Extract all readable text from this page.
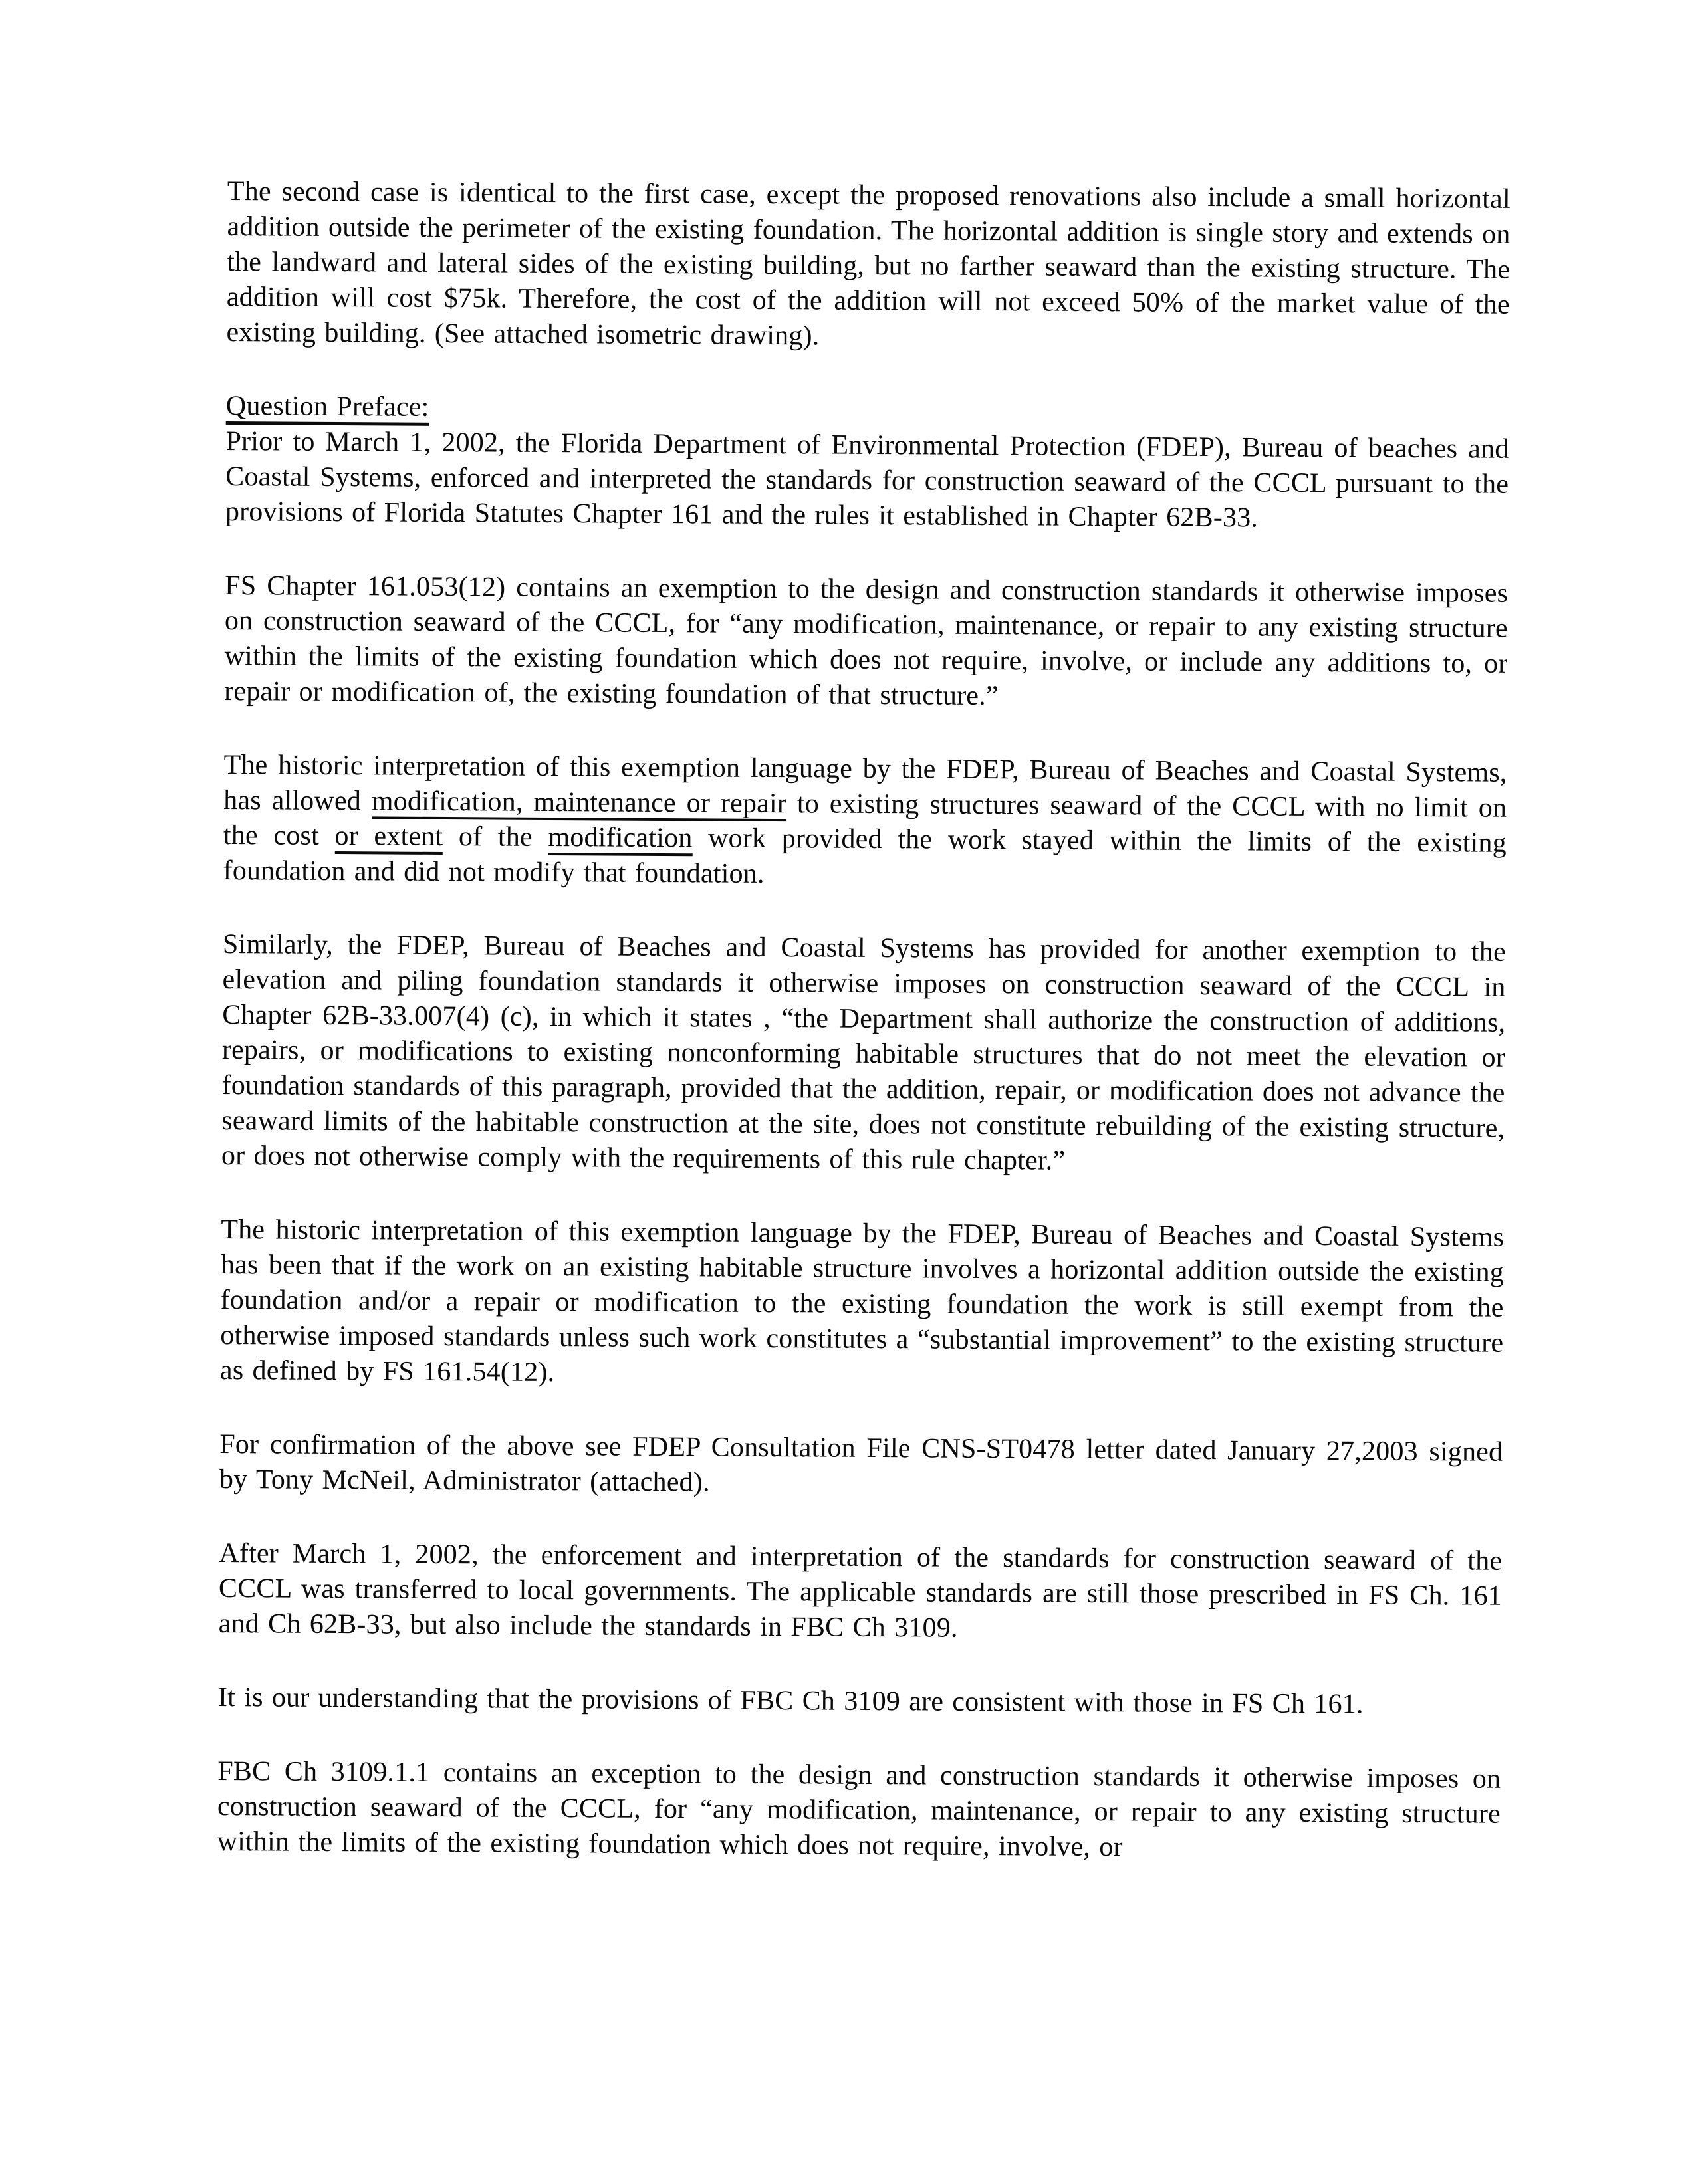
The second case is identical to the first case, except the proposed renovations also include a small horizontal addition outside the perimeter of the existing foundation. The horizontal addition is single story and extends on the landward and lateral sides of the existing building, but no farther seaward than the existing structure. The addition will cost $75k. Therefore, the cost of the addition will not exceed 50% of the market value of the existing building. (See attached isometric drawing).

Question Preface:

Prior to March 1, 2002, the Florida Department of Environmental Protection (FDEP), Bureau of beaches and Coastal Systems, enforced and interpreted the standards for construction seaward of the CCCL pursuant to the provisions of Florida Statutes Chapter 161 and the rules it established in Chapter 62B-33.

FS Chapter 161.053(12) contains an exemption to the design and construction standards it otherwise imposes on construction seaward of the CCCL, for “any modification, maintenance, or repair to any existing structure within the limits of the existing foundation which does not require, involve, or include any additions to, or repair or modification of, the existing foundation of that structure.”

The historic interpretation of this exemption language by the FDEP, Bureau of Beaches and Coastal Systems, has allowed modification, maintenance or repair to existing structures seaward of the CCCL with no limit on the cost or extent of the modification work provided the work stayed within the limits of the existing foundation and did not modify that foundation.

Similarly, the FDEP, Bureau of Beaches and Coastal Systems has provided for another exemption to the elevation and piling foundation standards it otherwise imposes on construction seaward of the CCCL in Chapter 62B-33.007(4) (c), in which it states , “the Department shall authorize the construction of additions, repairs, or modifications to existing nonconforming habitable structures that do not meet the elevation or foundation standards of this paragraph, provided that the addition, repair, or modification does not advance the seaward limits of the habitable construction at the site, does not constitute rebuilding of the existing structure, or does not otherwise comply with the requirements of this rule chapter.”

The historic interpretation of this exemption language by the FDEP, Bureau of Beaches and Coastal Systems has been that if the work on an existing habitable structure involves a horizontal addition outside the existing foundation and/or a repair or modification to the existing foundation the work is still exempt from the otherwise imposed standards unless such work constitutes a “substantial improvement” to the existing structure as defined by FS 161.54(12).

For confirmation of the above see FDEP Consultation File CNS-ST0478 letter dated January 27,2003 signed by Tony McNeil, Administrator (attached).

After March 1, 2002, the enforcement and interpretation of the standards for construction seaward of the CCCL was transferred to local governments. The applicable standards are still those prescribed in FS Ch. 161 and Ch 62B-33, but also include the standards in FBC Ch 3109.

It is our understanding that the provisions of FBC Ch 3109 are consistent with those in FS Ch 161.

FBC Ch 3109.1.1 contains an exception to the design and construction standards it otherwise imposes on construction seaward of the CCCL, for “any modification, maintenance, or repair to any existing structure within the limits of the existing foundation which does not require, involve, or
